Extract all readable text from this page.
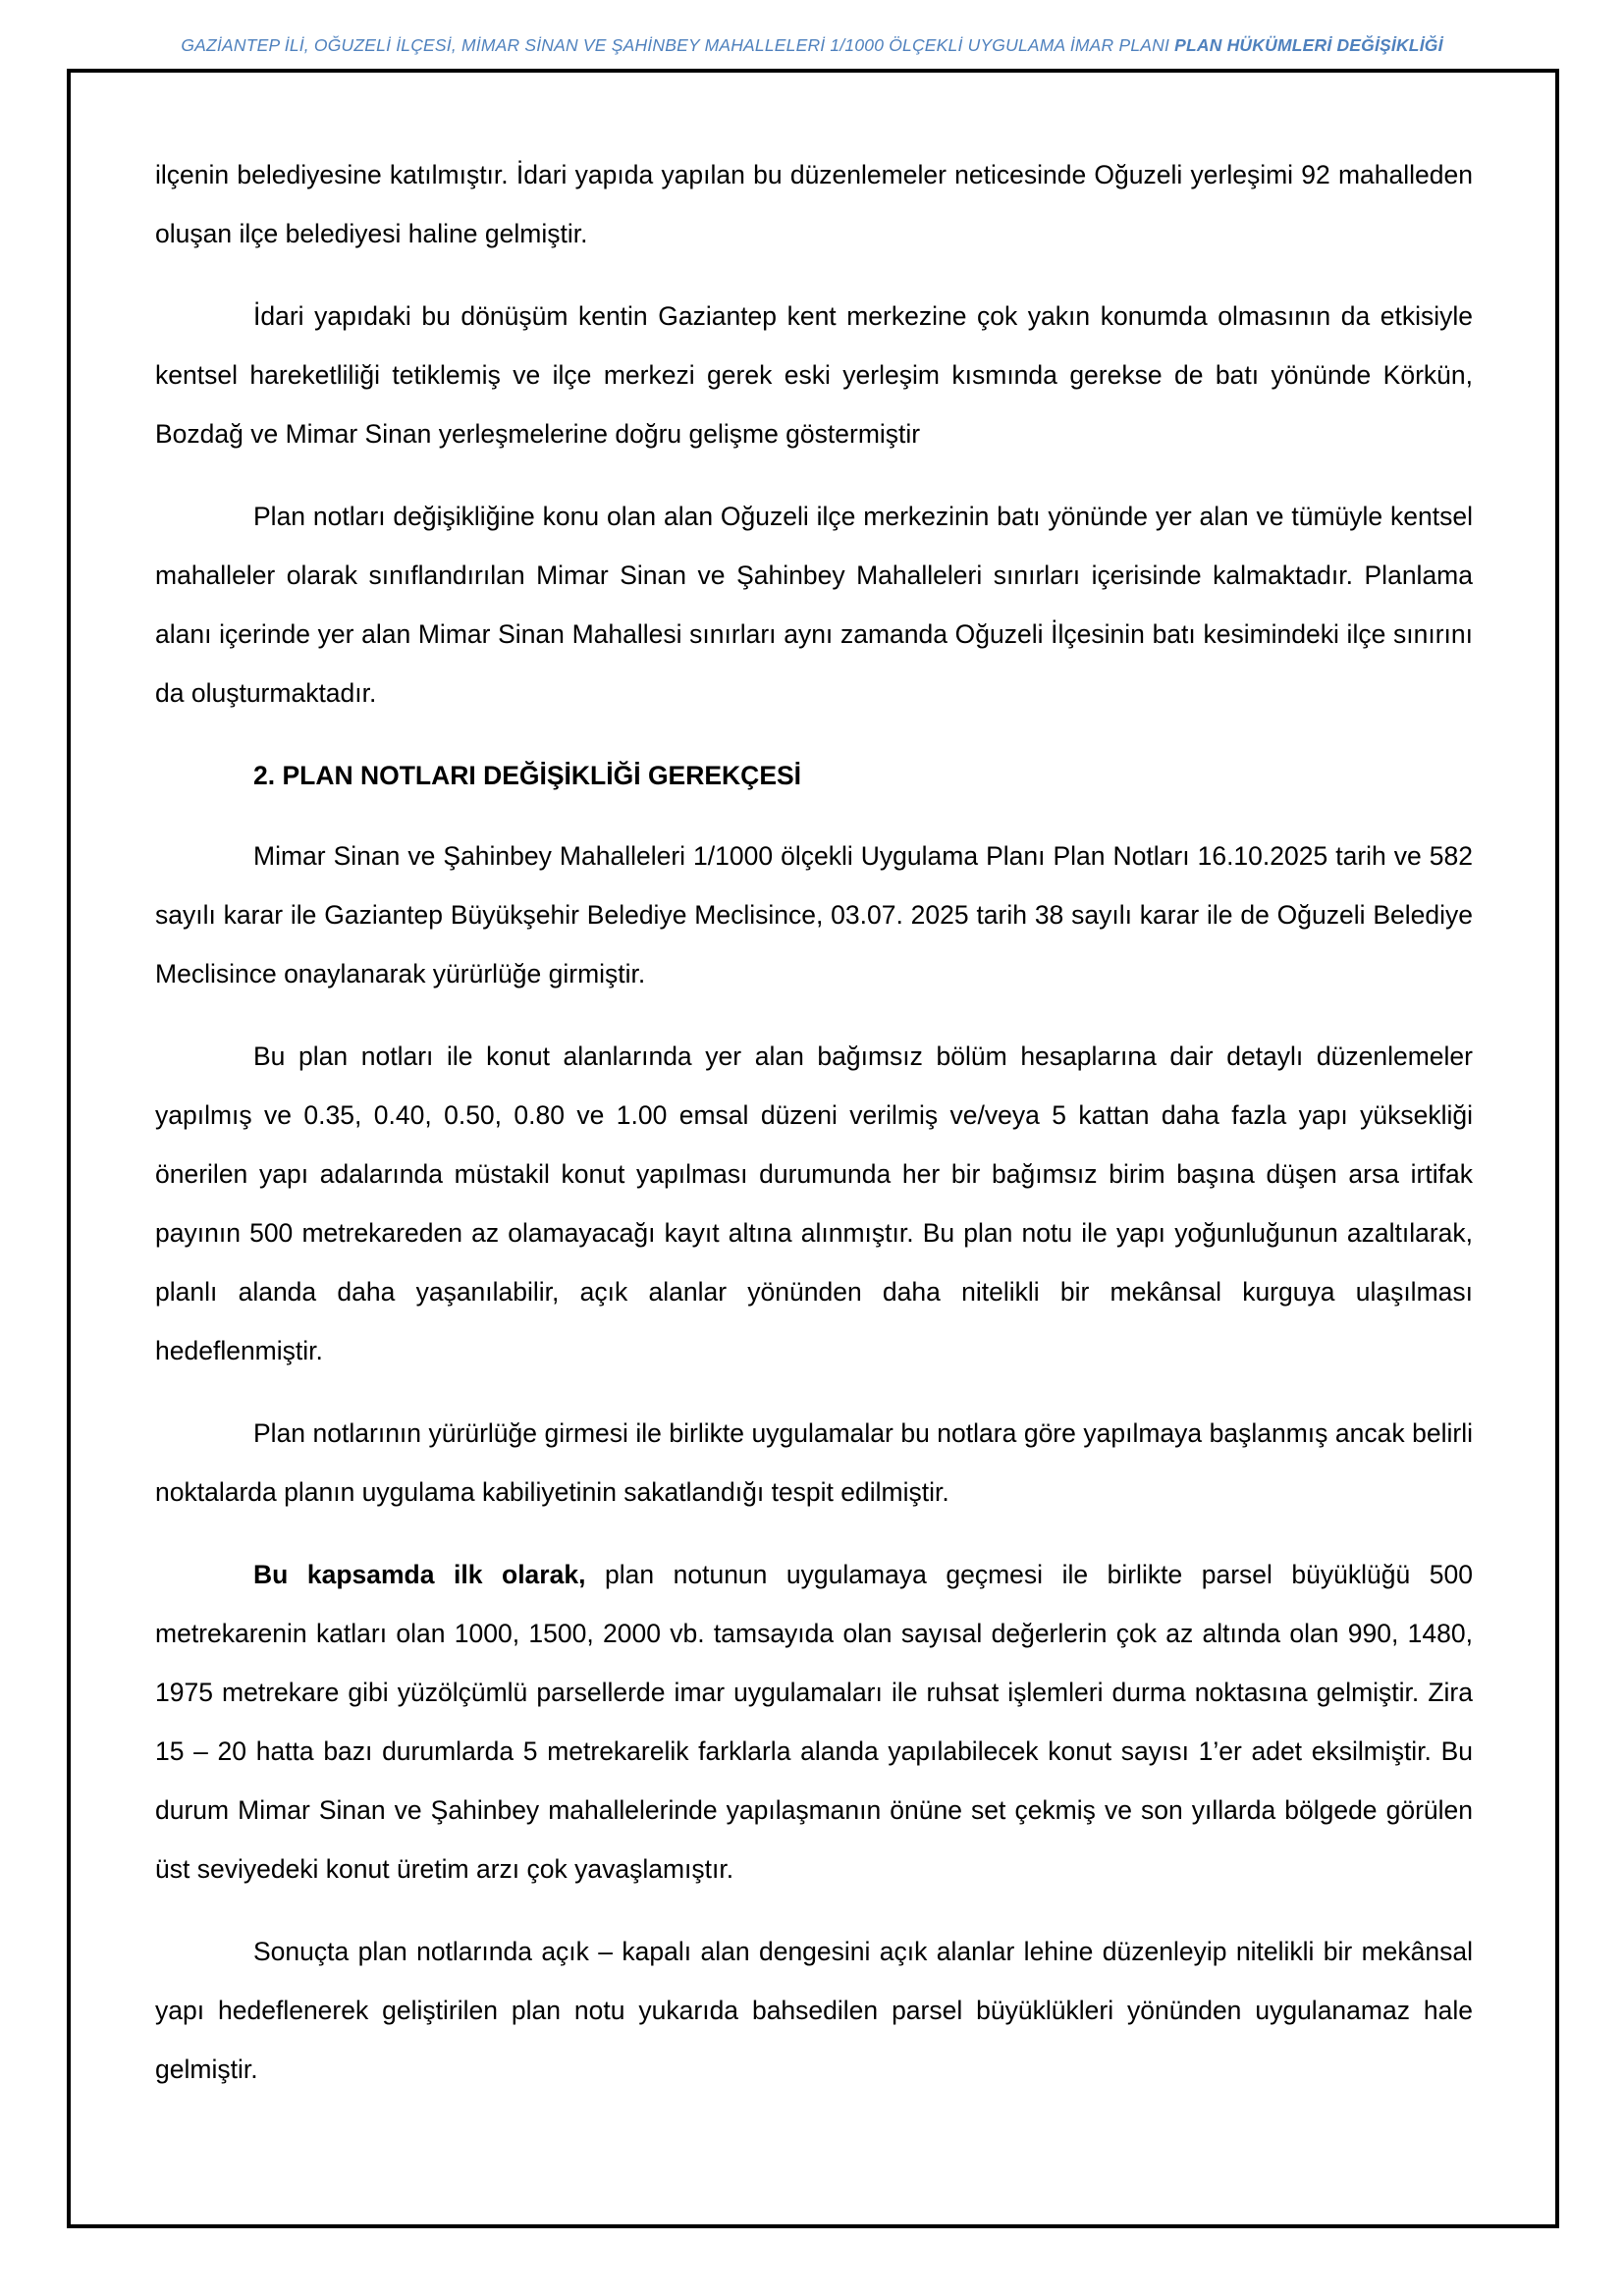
GAZİANTEP İLİ, OĞUZELİ İLÇESİ, MİMAR SİNAN VE ŞAHİNBEY MAHALLELERİ 1/1000 ÖLÇEKLİ UYGULAMA İMAR PLANI PLAN HÜKÜMLERİ DEĞİŞİKLİĞİ

ilçenin belediyesine katılmıştır. İdari yapıda yapılan bu düzenlemeler neticesinde Oğuzeli yerleşimi 92 mahalleden oluşan ilçe belediyesi haline gelmiştir.

İdari yapıdaki bu dönüşüm kentin Gaziantep kent merkezine çok yakın konumda olmasının da etkisiyle kentsel hareketliliği tetiklemiş ve ilçe merkezi gerek eski yerleşim kısmında gerekse de batı yönünde Körkün, Bozdağ ve Mimar Sinan yerleşmelerine doğru gelişme göstermiştir

Plan notları değişikliğine konu olan alan Oğuzeli ilçe merkezinin batı yönünde yer alan ve tümüyle kentsel mahalleler olarak sınıflandırılan Mimar Sinan ve Şahinbey Mahalleleri sınırları içerisinde kalmaktadır. Planlama alanı içerinde yer alan Mimar Sinan Mahallesi sınırları aynı zamanda Oğuzeli İlçesinin batı kesimindeki ilçe sınırını da oluşturmaktadır.

2. PLAN NOTLARI DEĞİŞİKLİĞİ GEREKÇESİ

Mimar Sinan ve Şahinbey Mahalleleri 1/1000 ölçekli Uygulama Planı Plan Notları 16.10.2025 tarih ve 582 sayılı karar ile Gaziantep Büyükşehir Belediye Meclisince, 03.07. 2025 tarih 38 sayılı karar ile de Oğuzeli Belediye Meclisince onaylanarak yürürlüğe girmiştir.

Bu plan notları ile konut alanlarında yer alan bağımsız bölüm hesaplarına dair detaylı düzenlemeler yapılmış ve 0.35, 0.40, 0.50, 0.80 ve 1.00 emsal düzeni verilmiş ve/veya 5 kattan daha fazla yapı yüksekliği önerilen yapı adalarında müstakil konut yapılması durumunda her bir bağımsız birim başına düşen arsa irtifak payının 500 metrekareden az olamayacağı kayıt altına alınmıştır. Bu plan notu ile yapı yoğunluğunun azaltılarak, planlı alanda daha yaşanılabilir, açık alanlar yönünden daha nitelikli bir mekânsal kurguya ulaşılması hedeflenmiştir.

Plan notlarının yürürlüğe girmesi ile birlikte uygulamalar bu notlara göre yapılmaya başlanmış ancak belirli noktalarda planın uygulama kabiliyetinin sakatlandığı tespit edilmiştir.

Bu kapsamda ilk olarak, plan notunun uygulamaya geçmesi ile birlikte parsel büyüklüğü 500 metrekarenin katları olan 1000, 1500, 2000 vb. tamsayıda olan sayısal değerlerin çok az altında olan 990, 1480, 1975 metrekare gibi yüzölçümlü parsellerde imar uygulamaları ile ruhsat işlemleri durma noktasına gelmiştir. Zira 15 – 20 hatta bazı durumlarda 5 metrekarelik farklarla alanda yapılabilecek konut sayısı 1’er adet eksilmiştir. Bu durum Mimar Sinan ve Şahinbey mahallelerinde yapılaşmanın önüne set çekmiş ve son yıllarda bölgede görülen üst seviyedeki konut üretim arzı çok yavaşlamıştır.

Sonuçta plan notlarında açık – kapalı alan dengesini açık alanlar lehine düzenleyip nitelikli bir mekânsal yapı hedeflenerek geliştirilen plan notu yukarıda bahsedilen parsel büyüklükleri yönünden uygulanamaz hale gelmiştir.
